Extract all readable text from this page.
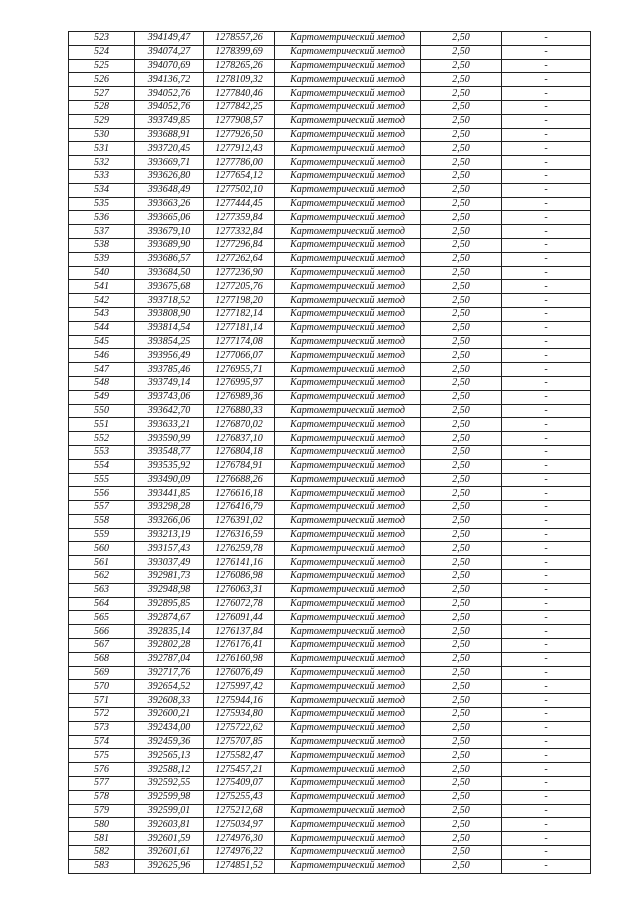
523	394149,47	1278557,26	Картометрический метод	2,50	-
524	394074,27	1278399,69	Картометрический метод	2,50	-
525	394070,69	1278265,26	Картометрический метод	2,50	-
526	394136,72	1278109,32	Картометрический метод	2,50	-
527	394052,76	1277840,46	Картометрический метод	2,50	-
528	394052,76	1277842,25	Картометрический метод	2,50	-
529	393749,85	1277908,57	Картометрический метод	2,50	-
530	393688,91	1277926,50	Картометрический метод	2,50	-
531	393720,45	1277912,43	Картометрический метод	2,50	-
532	393669,71	1277786,00	Картометрический метод	2,50	-
533	393626,80	1277654,12	Картометрический метод	2,50	-
534	393648,49	1277502,10	Картометрический метод	2,50	-
535	393663,26	1277444,45	Картометрический метод	2,50	-
536	393665,06	1277359,84	Картометрический метод	2,50	-
537	393679,10	1277332,84	Картометрический метод	2,50	-
538	393689,90	1277296,84	Картометрический метод	2,50	-
539	393686,57	1277262,64	Картометрический метод	2,50	-
540	393684,50	1277236,90	Картометрический метод	2,50	-
541	393675,68	1277205,76	Картометрический метод	2,50	-
542	393718,52	1277198,20	Картометрический метод	2,50	-
543	393808,90	1277182,14	Картометрический метод	2,50	-
544	393814,54	1277181,14	Картометрический метод	2,50	-
545	393854,25	1277174,08	Картометрический метод	2,50	-
546	393956,49	1277066,07	Картометрический метод	2,50	-
547	393785,46	1276955,71	Картометрический метод	2,50	-
548	393749,14	1276995,97	Картометрический метод	2,50	-
549	393743,06	1276989,36	Картометрический метод	2,50	-
550	393642,70	1276880,33	Картометрический метод	2,50	-
551	393633,21	1276870,02	Картометрический метод	2,50	-
552	393590,99	1276837,10	Картометрический метод	2,50	-
553	393548,77	1276804,18	Картометрический метод	2,50	-
554	393535,92	1276784,91	Картометрический метод	2,50	-
555	393490,09	1276688,26	Картометрический метод	2,50	-
556	393441,85	1276616,18	Картометрический метод	2,50	-
557	393298,28	1276416,79	Картометрический метод	2,50	-
558	393266,06	1276391,02	Картометрический метод	2,50	-
559	393213,19	1276316,59	Картометрический метод	2,50	-
560	393157,43	1276259,78	Картометрический метод	2,50	-
561	393037,49	1276141,16	Картометрический метод	2,50	-
562	392981,73	1276086,98	Картометрический метод	2,50	-
563	392948,98	1276063,31	Картометрический метод	2,50	-
564	392895,85	1276072,78	Картометрический метод	2,50	-
565	392874,67	1276091,44	Картометрический метод	2,50	-
566	392835,14	1276137,84	Картометрический метод	2,50	-
567	392802,28	1276176,41	Картометрический метод	2,50	-
568	392787,04	1276160,98	Картометрический метод	2,50	-
569	392717,76	1276076,49	Картометрический метод	2,50	-
570	392654,52	1275997,42	Картометрический метод	2,50	-
571	392608,33	1275944,16	Картометрический метод	2,50	-
572	392600,21	1275934,80	Картометрический метод	2,50	-
573	392434,00	1275722,62	Картометрический метод	2,50	-
574	392459,36	1275707,85	Картометрический метод	2,50	-
575	392565,13	1275582,47	Картометрический метод	2,50	-
576	392588,12	1275457,21	Картометрический метод	2,50	-
577	392592,55	1275409,07	Картометрический метод	2,50	-
578	392599,98	1275255,43	Картометрический метод	2,50	-
579	392599,01	1275212,68	Картометрический метод	2,50	-
580	392603,81	1275034,97	Картометрический метод	2,50	-
581	392601,59	1274976,30	Картометрический метод	2,50	-
582	392601,61	1274976,22	Картометрический метод	2,50	-
583	392625,96	1274851,52	Картометрический метод	2,50	-
